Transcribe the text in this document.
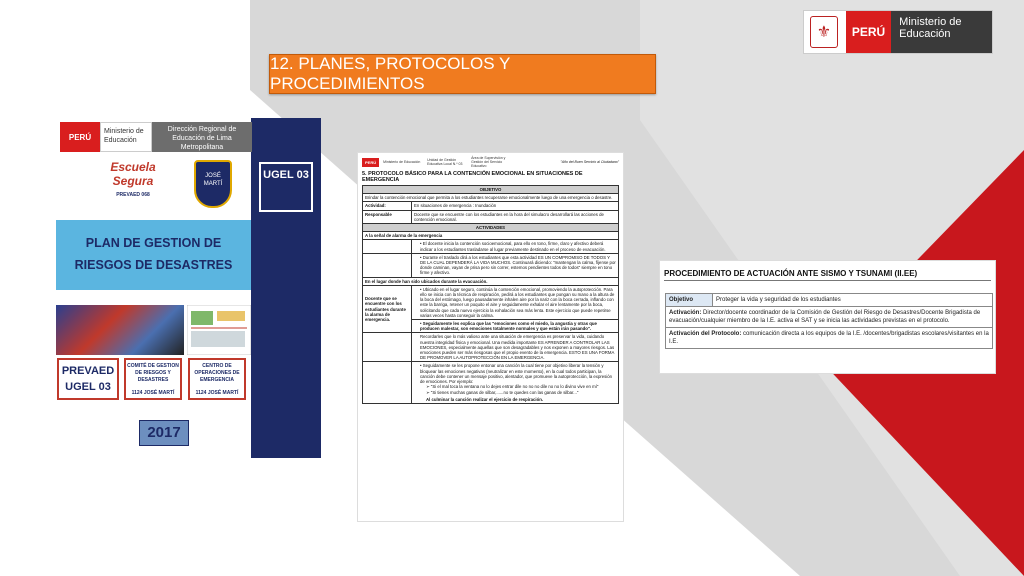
⚜	PERÚ
Ministerio de Educación
12. PLANES, PROTOCOLOS Y PROCEDIMIENTOS
UGEL 03
PERÚ
Ministerio de Educación
Dirección Regional de Educación de Lima Metropolitana
Escuela Segura
PREVAED 068
JOSÉ MARTÍ
PLAN DE GESTION DE
RIESGOS DE DESASTRES
PREVAED
UGEL 03
COMITÉ DE GESTION DE RIESGOS Y DESASTRES
1124 JOSÉ MARTÍ
CENTRO DE OPERACIONES DE EMERGENCIA
1124 JOSÉ MARTÍ
2017
PERÚ	Ministerio de Educación	Unidad de Gestión Educativa Local N.º 03
Área de Supervisión y Gestión del Servicio Educativo
"Año del Buen Servicio al Ciudadano"
5. PROTOCOLO BÁSICO PARA LA CONTENCIÓN EMOCIONAL EN SITUACIONES DE EMERGENCIA
OBJETIVO	
Brindar la contención emocional que permita a los estudiantes recuperarse emocionalmente luego de una emergencia o desastre.	
Actividad:	En situaciones de emergencia : Inundación
Responsable	Docente que se encuentre con los estudiantes en la hora del simulacro desarrollará las acciones de contención emocional.
ACTIVIDADES	
A la señal de alarma de la emergencia	
	• El docente inicia la contención socioemocional, para ello en tono, firme, claro y afectivo deberá indicar a los estudiantes trasladarse al lugar previamente destinado en el proceso de evacuación.
	• Durante el traslado dirá a los estudiantes que esta actividad ES UN COMPROMISO DE TODOS Y DE LA CUAL DEPENDERÁ LA VIDA MUCHOS. Continuará diciendo: "mantengan la calma, fíjense por donde caminan, vayan de prisa pero sin correr, estemos pendientes todos de todos" siempre en tono firme y afectivo.
En el lugar donde han sido ubicados durante la evacuación.	
Docente que se encuentre con los estudiantes durante la alarma de emergencia.	• Ubicado en el lugar seguro, continúa la contención emocional, promoviendo la autoprotección. Para ello se inicia con la técnica de respiración, pedirá a los estudiantes que pongan su mano a la altura de la boca del estómago, luego pausadamente inhalen aire por la nariz con la boca cerrada, inflando con este la barriga, retener un poquito el aire y seguidamente exhalar el aire lentamente por la boca, solicitando que cada nuevo ejercicio la exhalación sea más lenta. Este ejercicio que puede repetirse varias veces hasta conseguir la calma.
	• Seguidamente les explica que las "emociones como el miedo, la angustia y otras que producen malestar, son emociones totalmente normales y que están irán pasando".
	Recordarles que lo más valioso ante una situación de emergencia es preservar la vida, cuidando nuestra integridad física y emocional. Una medida importante ES APRENDER A CONTROLAR LAS EMOCIONES, especialmente aquellas que son desagradables y nos exponen a mayores riesgos. Las emociones pueden ser más riesgosas que el propio evento de la emergencia. ESTO ES UNA FORMA DE PROMOVER LA AUTOPROTECCIÓN EN LA EMERGENCIA.
	• Seguidamente se les propone entonar una canción la cual tiene por objetivo liberar la tensión y bloquear las emociones negativas (neutralizar en este momento), en la cual todos participan, la canción debe contener un mensaje positivo, alentador, que promueve la autoprotección, la expresión de emociones. Por ejemplo:
➢ "Si el mal toca la ventana no lo dejes entrar dile no no no dile no no lo divino vive en mí"
➢ "Si tienes muchas ganas de silbar,......no te quedes con las ganas de silbar..."
Al culminar la canción realizar el ejercicio de respiración.
PROCEDIMIENTO DE ACTUACIÓN ANTE SISMO Y TSUNAMI (II.EE)
Objetivo	Proteger la vida y seguridad de los estudiantes
Activación: Director/docente coordinador de la Comisión de Gestión del Riesgo de Desastres/Docente Brigadista de evacuación/cualquier miembro de la I.E. activa el SAT y se inicia las actividades previstas en el protocolo.
Activación del Protocolo: comunicación directa a los equipos de la I.E. /docentes/brigadistas escolares/visitantes en la I.E.
